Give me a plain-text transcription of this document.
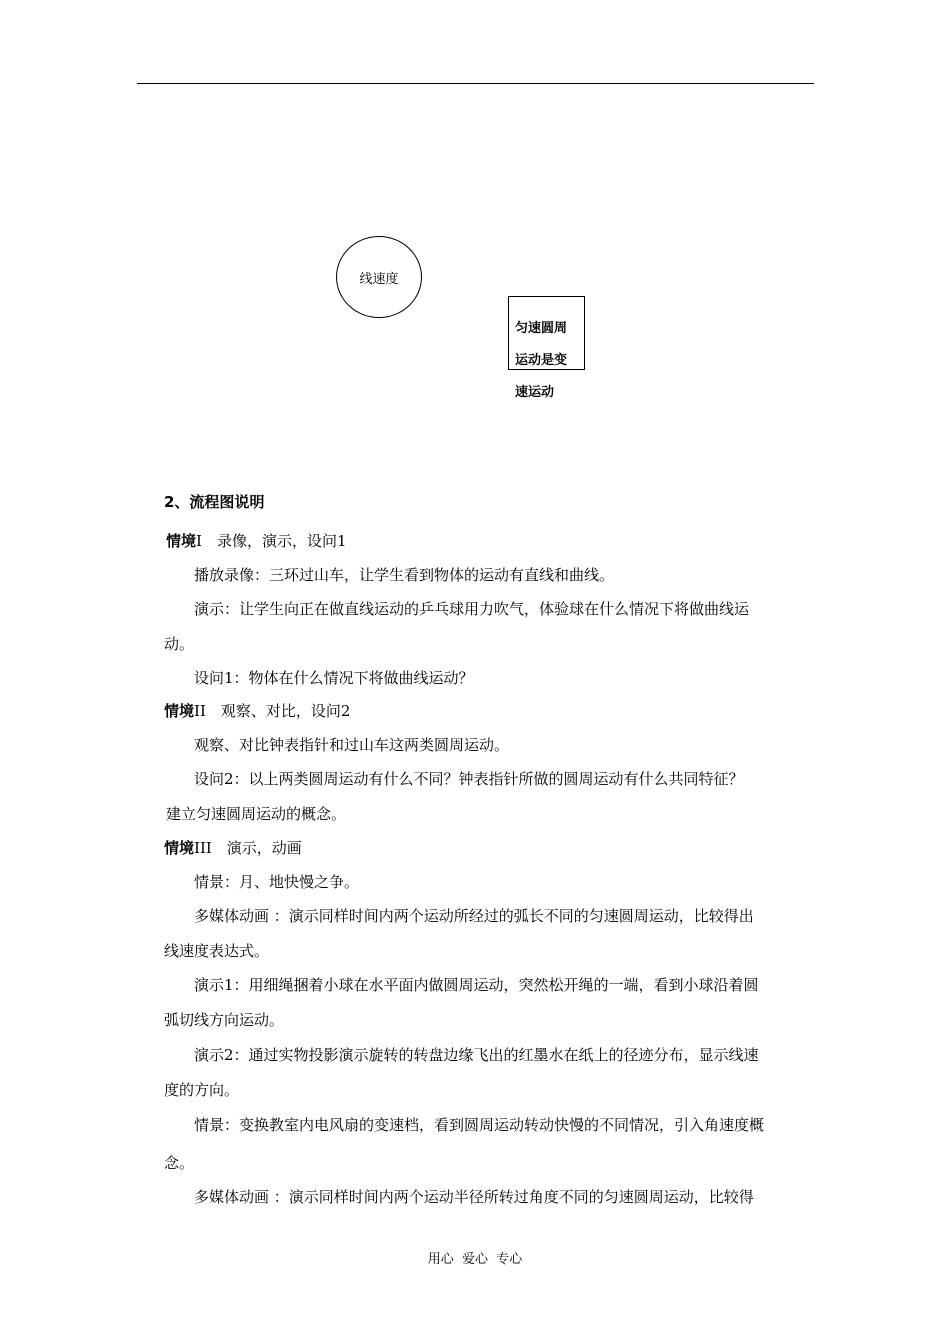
线速度
匀速圆周
运动是变
速运动
2、流程图说明
情境I　录像，演示，设问1
播放录像：三环过山车，让学生看到物体的运动有直线和曲线。
演示：让学生向正在做直线运动的乒乓球用力吹气，体验球在什么情况下将做曲线运
动。
设问1：物体在什么情况下将做曲线运动？
情境II　观察、对比，设问2
观察、对比钟表指针和过山车这两类圆周运动。
设问2：以上两类圆周运动有什么不同？钟表指针所做的圆周运动有什么共同特征？
建立匀速圆周运动的概念。
情境III　演示，动画
情景：月、地快慢之争。
多媒体动画 ：演示同样时间内两个运动所经过的弧长不同的匀速圆周运动，比较得出
线速度表达式。
演示1：用细绳捆着小球在水平面内做圆周运动，突然松开绳的一端，看到小球沿着圆
弧切线方向运动。
演示2：通过实物投影演示旋转的转盘边缘飞出的红墨水在纸上的径迹分布，显示线速
度的方向。
情景：变换教室内电风扇的变速档，看到圆周运动转动快慢的不同情况，引入角速度概
念。
多媒体动画 ：演示同样时间内两个运动半径所转过角度不同的匀速圆周运动，比较得
用心  爱心  专心
